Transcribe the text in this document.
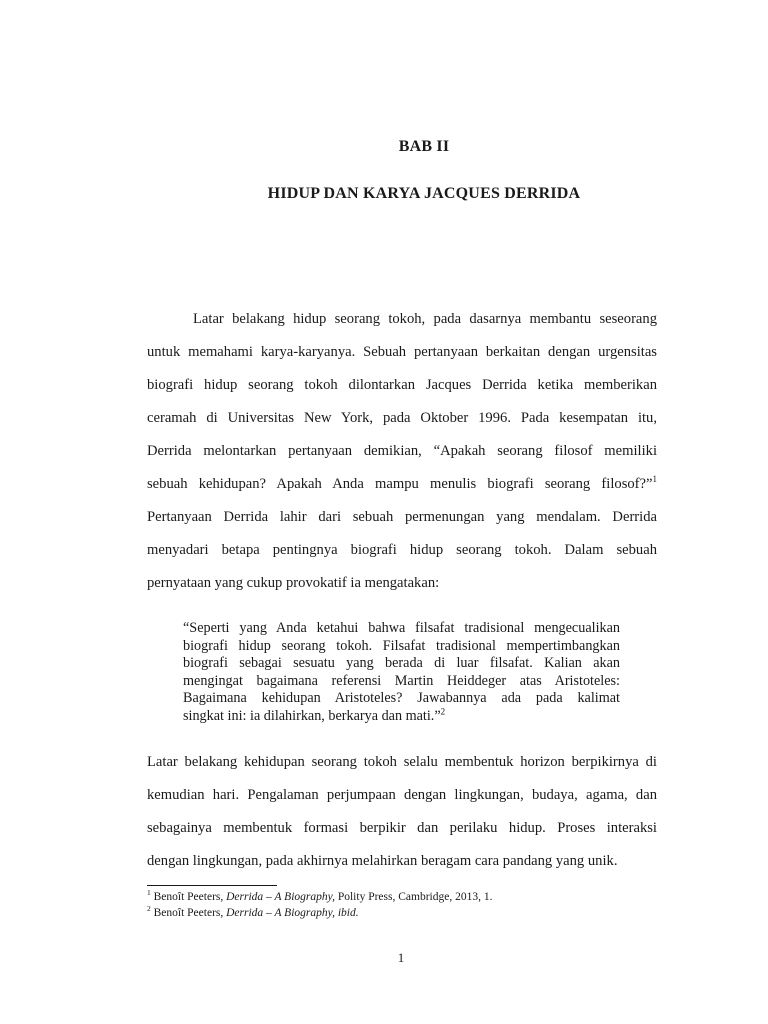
BAB II
HIDUP DAN KARYA JACQUES DERRIDA
Latar belakang hidup seorang tokoh, pada dasarnya membantu seseorang
untuk memahami karya-karyanya. Sebuah pertanyaan berkaitan dengan urgensitas
biografi hidup seorang tokoh dilontarkan Jacques Derrida ketika memberikan
ceramah di Universitas New York, pada Oktober 1996. Pada kesempatan itu,
Derrida melontarkan pertanyaan demikian, “Apakah seorang filosof memiliki
sebuah kehidupan? Apakah Anda mampu menulis biografi seorang filosof?”$^1$
Pertanyaan Derrida lahir dari sebuah permenungan yang mendalam. Derrida
menyadari betapa pentingnya biografi hidup seorang tokoh. Dalam sebuah
pernyataan yang cukup provokatif ia mengatakan:
“Seperti yang Anda ketahui bahwa filsafat tradisional mengecualikan
biografi hidup seorang tokoh. Filsafat tradisional mempertimbangkan
biografi sebagai sesuatu yang berada di luar filsafat. Kalian akan
mengingat bagaimana referensi Martin Heiddeger atas Aristoteles:
Bagaimana kehidupan Aristoteles? Jawabannya ada pada kalimat
singkat ini: ia dilahirkan, berkarya dan mati.”$^2$
Latar belakang kehidupan seorang tokoh selalu membentuk horizon berpikirnya di
kemudian hari. Pengalaman perjumpaan dengan lingkungan, budaya, agama, dan
sebagainya membentuk formasi berpikir dan perilaku hidup. Proses interaksi
dengan lingkungan, pada akhirnya melahirkan beragam cara pandang yang unik.
$^1$ Benoît Peeters, Derrida – A Biography, Polity Press, Cambridge, 2013, 1.
$^2$ Benoît Peeters, Derrida – A Biography, ibid.
1
